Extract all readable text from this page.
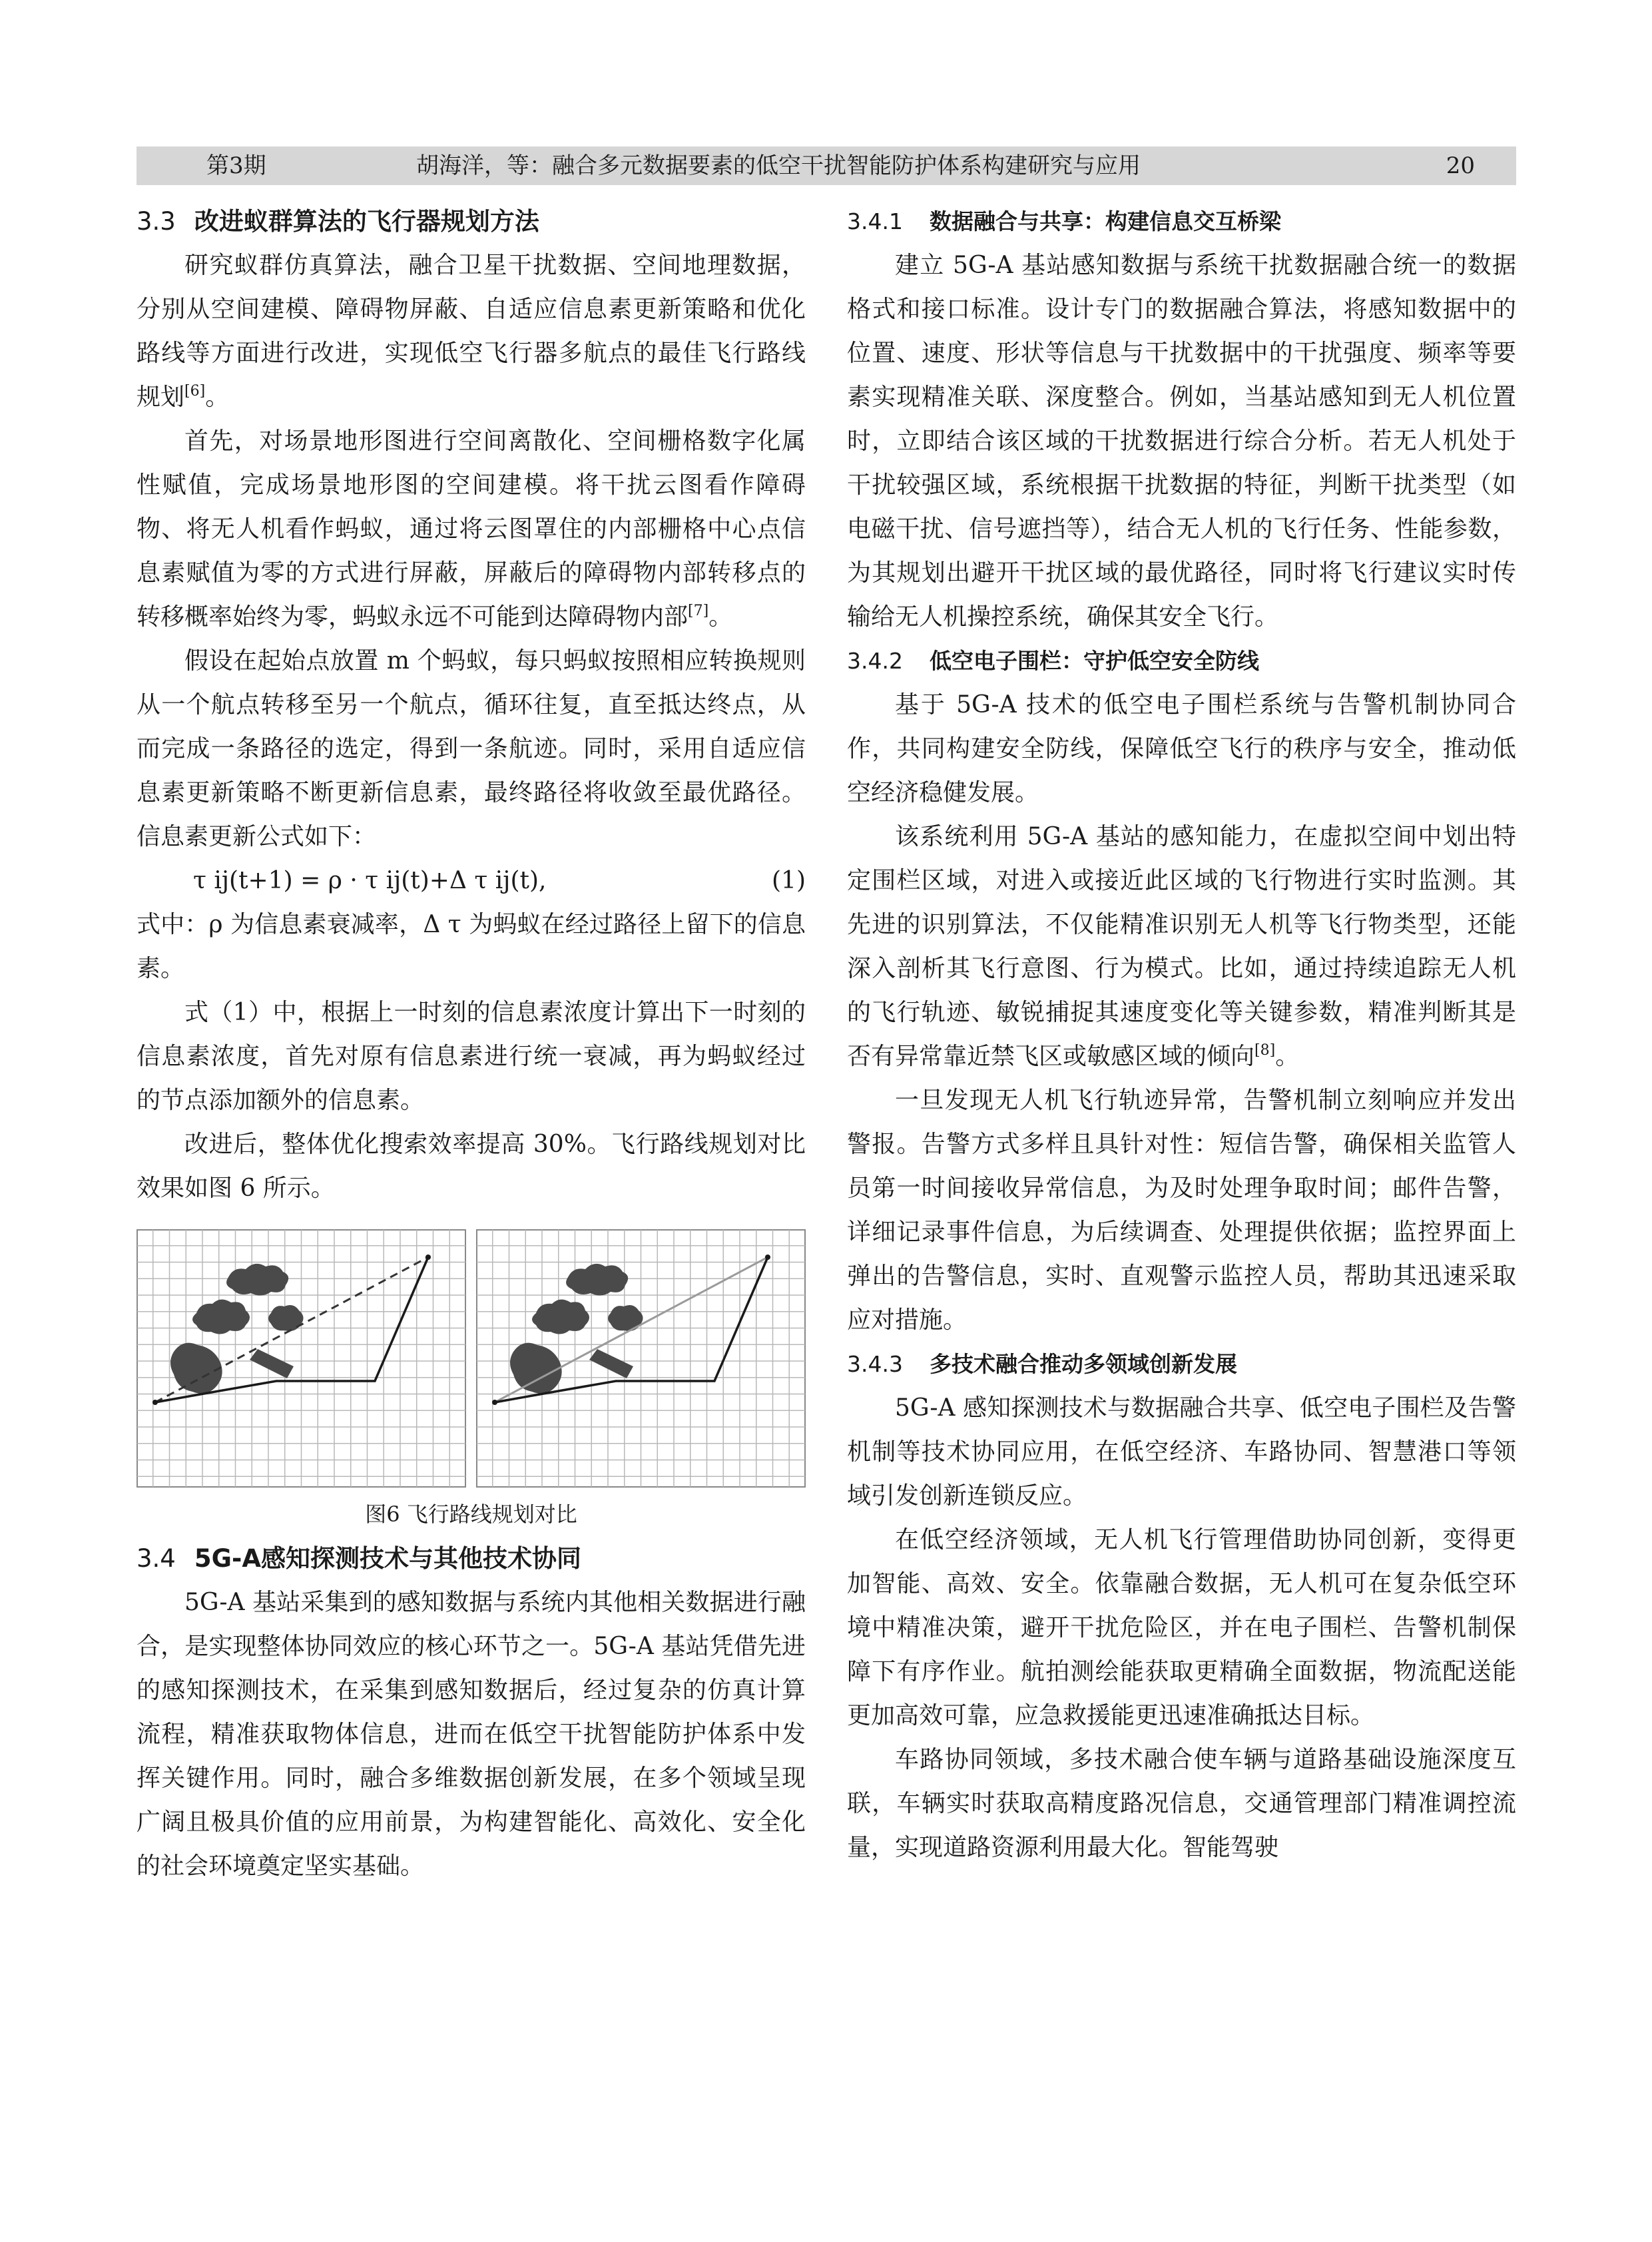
第3期	胡海洋，等：融合多元数据要素的低空干扰智能防护体系构建研究与应用	20
3.3 改进蚁群算法的飞行器规划方法

研究蚁群仿真算法，融合卫星干扰数据、空间地理数据，分别从空间建模、障碍物屏蔽、自适应信息素更新策略和优化路线等方面进行改进，实现低空飞行器多航点的最佳飞行路线规划[6]。

首先，对场景地形图进行空间离散化、空间栅格数字化属性赋值，完成场景地形图的空间建模。将干扰云图看作障碍物、将无人机看作蚂蚁，通过将云图罩住的内部栅格中心点信息素赋值为零的方式进行屏蔽，屏蔽后的障碍物内部转移点的转移概率始终为零，蚂蚁永远不可能到达障碍物内部[7]。

假设在起始点放置 m 个蚂蚁，每只蚂蚁按照相应转换规则从一个航点转移至另一个航点，循环往复，直至抵达终点，从而完成一条路径的选定，得到一条航迹。同时，采用自适应信息素更新策略不断更新信息素，最终路径将收敛至最优路径。信息素更新公式如下：

τ ij(t+1) = ρ · τ ij(t)+Δ τ ij(t),	(1)

式中：ρ 为信息素衰减率，Δ τ 为蚂蚁在经过路径上留下的信息素。

式（1）中，根据上一时刻的信息素浓度计算出下一时刻的信息素浓度，首先对原有信息素进行统一衰减，再为蚂蚁经过的节点添加额外的信息素。

改进后，整体优化搜索效率提高 30%。飞行路线规划对比效果如图 6 所示。

图6 飞行路线规划对比
3.4 5G-A感知探测技术与其他技术协同

5G-A 基站采集到的感知数据与系统内其他相关数据进行融合，是实现整体协同效应的核心环节之一。5G-A 基站凭借先进的感知探测技术，在采集到感知数据后，经过复杂的仿真计算流程，精准获取物体信息，进而在低空干扰智能防护体系中发挥关键作用。同时，融合多维数据创新发展，在多个领域呈现广阔且极具价值的应用前景，为构建智能化、高效化、安全化的社会环境奠定坚实基础。

3.4.1 数据融合与共享：构建信息交互桥梁

建立 5G-A 基站感知数据与系统干扰数据融合统一的数据格式和接口标准。设计专门的数据融合算法，将感知数据中的位置、速度、形状等信息与干扰数据中的干扰强度、频率等要素实现精准关联、深度整合。例如，当基站感知到无人机位置时，立即结合该区域的干扰数据进行综合分析。若无人机处于干扰较强区域，系统根据干扰数据的特征，判断干扰类型（如电磁干扰、信号遮挡等），结合无人机的飞行任务、性能参数，为其规划出避开干扰区域的最优路径，同时将飞行建议实时传输给无人机操控系统，确保其安全飞行。

3.4.2 低空电子围栏：守护低空安全防线

基于 5G-A 技术的低空电子围栏系统与告警机制协同合作，共同构建安全防线，保障低空飞行的秩序与安全，推动低空经济稳健发展。

该系统利用 5G-A 基站的感知能力，在虚拟空间中划出特定围栏区域，对进入或接近此区域的飞行物进行实时监测。其先进的识别算法，不仅能精准识别无人机等飞行物类型，还能深入剖析其飞行意图、行为模式。比如，通过持续追踪无人机的飞行轨迹、敏锐捕捉其速度变化等关键参数，精准判断其是否有异常靠近禁飞区或敏感区域的倾向[8]。

一旦发现无人机飞行轨迹异常，告警机制立刻响应并发出警报。告警方式多样且具针对性：短信告警，确保相关监管人员第一时间接收异常信息，为及时处理争取时间；邮件告警，详细记录事件信息，为后续调查、处理提供依据；监控界面上弹出的告警信息，实时、直观警示监控人员，帮助其迅速采取应对措施。

3.4.3 多技术融合推动多领域创新发展

5G-A 感知探测技术与数据融合共享、低空电子围栏及告警机制等技术协同应用，在低空经济、车路协同、智慧港口等领域引发创新连锁反应。

在低空经济领域，无人机飞行管理借助协同创新，变得更加智能、高效、安全。依靠融合数据，无人机可在复杂低空环境中精准决策，避开干扰危险区，并在电子围栏、告警机制保障下有序作业。航拍测绘能获取更精确全面数据，物流配送能更加高效可靠，应急救援能更迅速准确抵达目标。

车路协同领域，多技术融合使车辆与道路基础设施深度互联，车辆实时获取高精度路况信息，交通管理部门精准调控流量，实现道路资源利用最大化。智能驾驶
